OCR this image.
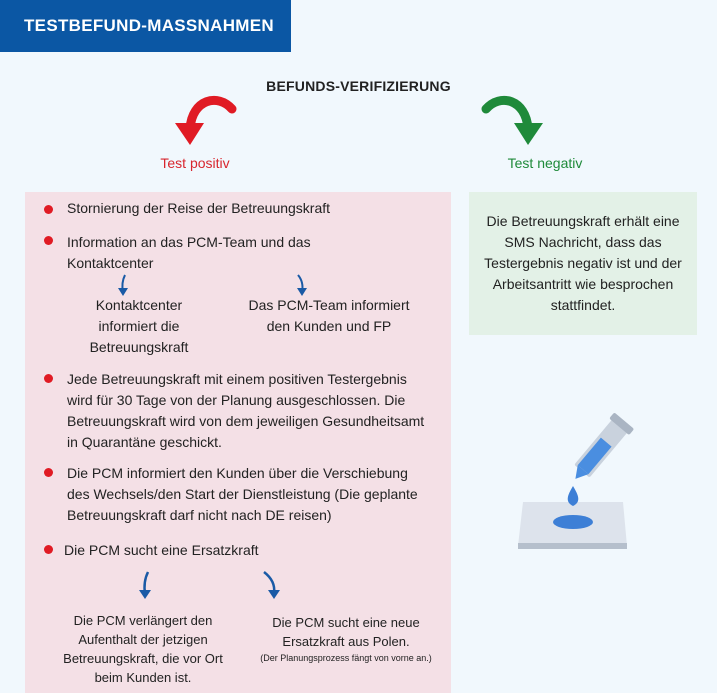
TESTBEFUND-MASSNAHMEN
BEFUNDS-VERIFIZIERUNG
Test positiv	Test negativ
Die Betreuungskraft erhält eine SMS Nachricht, dass das Testergebnis negativ ist und der Arbeitsantritt wie besprochen stattfindet.
Stornierung der Reise der Betreuungskraft
Information an das PCM-Team und das Kontaktcenter
Kontaktcenter informiert die Betreuungskraft
Das PCM-Team informiert den Kunden und FP
Jede Betreuungskraft mit einem positiven Testergebnis wird für 30 Tage von der Planung ausgeschlossen. Die Betreuungskraft wird von dem jeweiligen Gesundheitsamt in Quarantäne geschickt.
Die PCM informiert den Kunden über die Verschiebung des Wechsels/den Start der Dienstleistung (Die geplante Betreuungskraft darf nicht nach DE reisen)
Die PCM sucht eine Ersatzkraft
Die PCM verlängert den Aufenthalt der jetzigen Betreuungskraft, die vor Ort beim Kunden ist.
Die PCM sucht eine neue Ersatzkraft aus Polen.
(Der Planungsprozess fängt von vorne an.)
